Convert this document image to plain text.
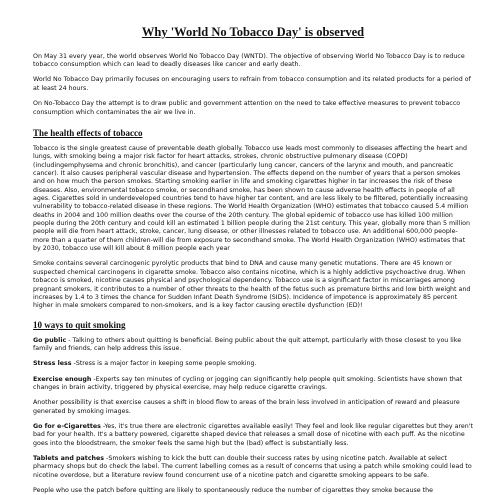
Why 'World No Tobacco Day' is observed

On May 31 every year, the world observes World No Tobacco Day (WNTD). The objective of observing World No Tobacco Day is to reduce tobacco consumption which can lead to deadly diseases like cancer and early death.

World No Tobacco Day primarily focuses on encouraging users to refrain from tobacco consumption and its related products for a period of at least 24 hours.

On No-Tobacco Day the attempt is to draw public and government attention on the need to take effective measures to prevent tobacco consumption which contaminates the air we live in.

The health effects of tobacco

Tobacco is the single greatest cause of preventable death globally. Tobacco use leads most commonly to diseases affecting the heart and lungs, with smoking being a major risk factor for heart attacks, strokes, chronic obstructive pulmonary disease (COPD) (includingemphysema and chronic bronchitis), and cancer (particularly lung cancer, cancers of the larynx and mouth, and pancreatic cancer). It also causes peripheral vascular disease and hypertension. The effects depend on the number of years that a person smokes and on how much the person smokes. Starting smoking earlier in life and smoking cigarettes higher in tar increases the risk of these diseases. Also, environmental tobacco smoke, or secondhand smoke, has been shown to cause adverse health effects in people of all ages. Cigarettes sold in underdeveloped countries tend to have higher tar content, and are less likely to be filtered, potentially increasing vulnerability to tobacco-related disease in these regions. The World Health Organization (WHO) estimates that tobacco caused 5.4 million deaths in 2004 and 100 million deaths over the course of the 20th century. The global epidemic of tobacco use has killed 100 million people during the 20th century and could kill an estimated 1 billion people during the 21st century. This year, globally more than 5 million people will die from heart attack, stroke, cancer, lung disease, or other illnesses related to tobacco use. An additional 600,000 people-more than a quarter of them children-will die from exposure to secondhand smoke. The World Health Organization (WHO) estimates that by 2030, tobacco use will kill about 8 million people each year

Smoke contains several carcinogenic pyrolytic products that bind to DNA and cause many genetic mutations. There are 45 known or suspected chemical carcinogens in cigarette smoke. Tobacco also contains nicotine, which is a highly addictive psychoactive drug. When tobacco is smoked, nicotine causes physical and psychological dependency. Tobacco use is a significant factor in miscarriages among pregnant smokers, it contributes to a number of other threats to the health of the fetus such as premature births and low birth weight and increases by 1.4 to 3 times the chance for Sudden Infant Death Syndrome (SIDS). Incidence of impotence is approximately 85 percent higher in male smokers compared to non-smokers, and is a key factor causing erectile dysfunction (ED)!

10 ways to quit smoking

Go public - Talking to others about quitting Is beneficial. Being public about the quit attempt, particularly with those closest to you like family and friends, can help address this issue.

Stress less -Stress is a major factor in keeping some people smoking.

Exercise enough -Experts say ten minutes of cycling or jogging can significantly help people quit smoking. Scientists have shown that changes in brain activity, triggered by physical exercise, may help reduce cigarette cravings.

Another possibility is that exercise causes a shift in blood flow to areas of the brain less involved in anticipation of reward and pleasure generated by smoking images.

Go for e-Cigarettes -Yes, it's true there are electronic cigarettes available easily! They feel and look like regular cigarettes but they aren't bad for your health. It's a battery powered, cigarette shaped device that releases a small dose of nicotine with each puff. As the nicotine goes into the bloodstream, the smoker feels the same high but the (bad) effect is substantially less.

Tablets and patches -Smokers wishing to kick the butt can double their success rates by using nicotine patch. Available at select pharmacy shops but do check the label. The current labelling comes as a result of concerns that using a patch while smoking could lead to nicotine overdose, but a literature review found concurrent use of a nicotine patch and cigarette smoking appears to be safe.

People who use the patch before quitting are likely to spontaneously reduce the number of cigarettes they smoke because the
